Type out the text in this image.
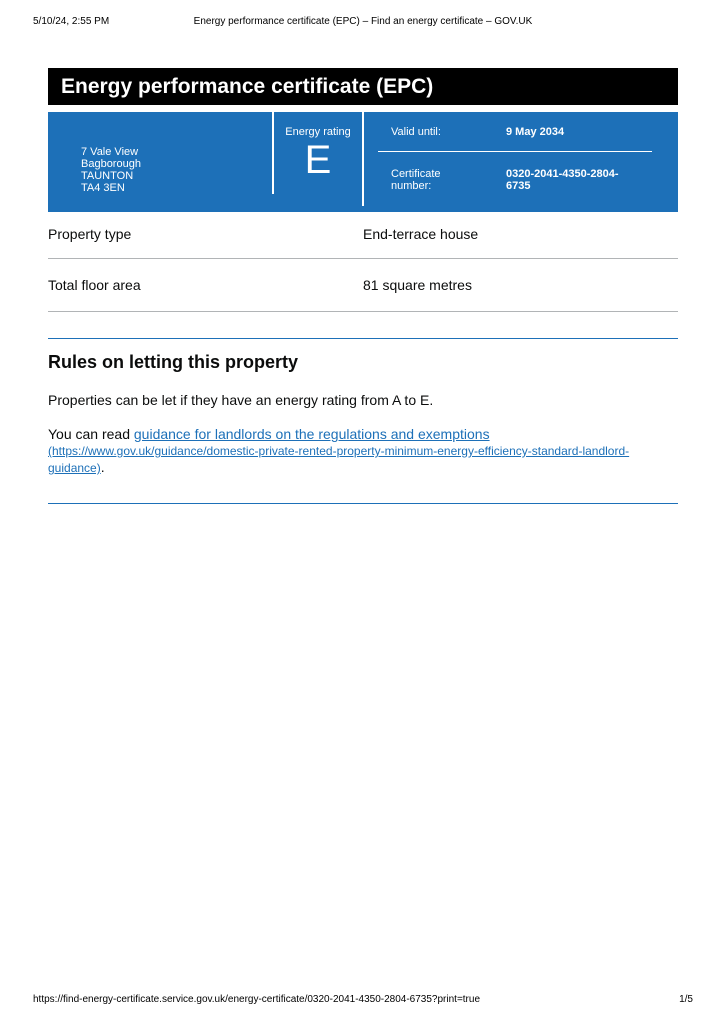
5/10/24, 2:55 PM	Energy performance certificate (EPC) – Find an energy certificate – GOV.UK
Energy performance certificate (EPC)
7 Vale View
Bagborough
TAUNTON
TA4 3EN
Energy rating
E
Valid until:	9 May 2034
Certificate number:
0320-2041-4350-2804-6735
Property type	End-terrace house
Total floor area	81 square metres
Rules on letting this property
Properties can be let if they have an energy rating from A to E.
You can read guidance for landlords on the regulations and exemptions
(https://www.gov.uk/guidance/domestic-private-rented-property-minimum-energy-efficiency-standard-landlord-guidance).
https://find-energy-certificate.service.gov.uk/energy-certificate/0320-2041-4350-2804-6735?print=true	1/5
